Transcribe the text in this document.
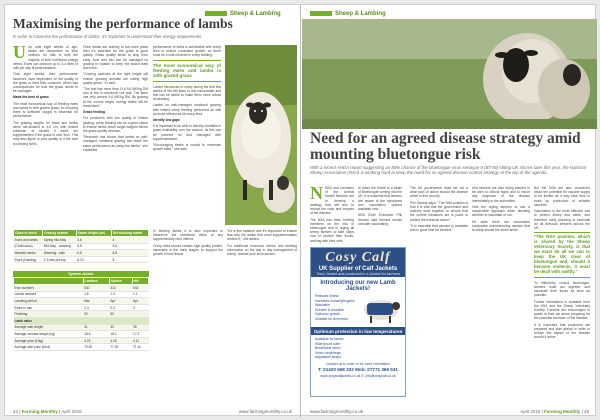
Sheep & Lambing
Maximising the performance of lambs
In order to maximise the performance of lambs, it's important to understand their energy requirements.

U Up until eight weeks of age, lambs are dependent on their mothers for milk to fulfil the majority of their nutritional energy needs. Ewes can produce up to 3-4 litres of milk per day at peak lactation.

That eight weeks, their performance becomes more dependent on the quality of the grass or feed they consume, which has consequences for how the grass needs to be managed.

Made the best of grass

The most economical way of feeding ewes and lambs is with grazed grass, so ensuring there is sufficient supply is essential for performance.

The grazing targets for ewes and lambs when set-stocked is 4-6 cm, with limited evidence of benefit if ewes are supplemented if the grass is over 5cm. This may also figure in poor quality or if the ewe is carrying twins.

Once lambs are starting to eat more grass then it's essential for the grass is good quality. Grass quality tends to drop from early June and this can be managed by grazing in rotation to keep the sward leafy and fresh.

"Grazing pastures at the right height will ensure growing animals are eating high quality grass," Dr said.

"The leaf has more than 11.6 MJ ME/kg DM and is low in structural cell wall. The stem has only around 9.6 ME/kg DM. By grazing at the correct height, energy intake will be maximised."

Grass feeding

For producers with low quality or limited grazing, creep feeding can be a good option to ensure lambs reach target weights before the grass quality declines.

"Research has shown that lambs on well-managed, rotational grazing can reach the same performance as creep-fed lambs," she explained.

performance of twins is achievable with creep feed to ensure consistent growth, so there must be a cost involved in creep feeding.

The most economical way of feeding ewes and lambs is with grazed grass

Lambs introduced to creep during the first few weeks of life will learn to eat concentrate and this can be useful to make them more robust at weaning.

Lambs on well-managed rotational grazing with limited creep feeding performed as well as those offered ad-lib creep feed.

Identify low gaps

It is important to be able to identify shortfalls in grass availability over the season, as this can be planned for and managed with supplementation.

"Encouraging intake is crucial to maximise growth rates," she said.

Class of stock	Grazing system	Sward height (cm)	Set stocking sward
Ewes and lambs	Spring mid-May	4-6	4
(Continuous)	Mid-May - weaning	6-8	5-6
Weaned lambs	Weaning - sale	6-8	6-8
Ewes (flushing)	2-3 wks pre-tup	8-10	8
System details
	Lowland	Upland	Hill
Ewe numbers	530	310	540
Lambs weaned	1.6	1.4	1.1
Lambing period	Mar	Apr	Apr
Ewes to ram	2-4	2-3	3
Finishing	90	80	
Lamb sales			
Average sale weight	41	40	38
Average carcase weight (kg)	18.8	18.4	17.3
Average price (£/kg)	4.23	4.18	4.11
Average sale price (£/hd)	79.50	77.00	71.10

In feeding lambs it is also important to determine the nutritional value of any supplementary feed offered.

Creep diets should contain high quality protein, especially in the early stages, to support the growth of lean tissue.

"It's a fine balance and it's important to ensure that only the lambs that need supplementation receive it," she added.

For additional economic advice and lambing information on the day to day management of sheep, contact your local adviser.

44 | Farming Monthly | April 2016	www.farmingmonthly.co.uk
Sheep & Lambing
Need for an agreed disease strategy amid mounting bluetongue risk
With a recent AHDA report suggesting an 80% chance of the bluetongue virus serotype 8 (BTV8) hitting UK shores later this year, the National Sheep Association (NSA) is working hard to keep the need for an agreed disease control strategy at the top of the agenda.

NNSA and members of the Animal Health Network are to develop a strategy that will aim to reduce the risks and impacts of the disease.

The NSA has been briefing members on the risk of bluetongue and is urging all sheep farmers to take steps now to protect their flocks, working with their vets.

to down the threat to a strain of Bluetongue coming into the UK, it is essential that farmers are aware of the symptoms and vaccination options available now.

NSA Chief Executive Phil Stocker said farmers should consider vaccinating.

Cosy Calf
UK Supplier of Calf Jackets
Tried, tested and produced in a Jacket for farmers
Introducing our new Lamb Jackets!
Reduces illness
Increases liveweight gains
Washable
Durable & reusable
Optimum growth
Suitable for all breeds
Optimum protection in low temperatures
Available for lambs
Waterproof outer
Breathable fabric
Velcro fastenings
Adjustable straps
Contact us to order or for more information
T: 01420 568 332 Mob: 07771 366 531
www.cosycalfjackets.co.uk E: info@cosycalf.co.uk

The UK government must set out a clear plan of action should the disease arrive in this country.

Phil Stocker says: "The NSA position is that it is vital that the government and industry work together to ensure that the correct measures are in place to protect the livestock sector."

"It is essential that vaccine is available and in good time for farmers."

And farmers are also being warned to be alert to clinical signs and to report any suspicion of the disease immediately to the authorities.

Vets are urging farmers to use a responsible approach when deciding whether to vaccinate or not.

He adds there are vaccination companies manufacturing vaccine that is ready should the strain arrive.

But the NSA are also concerned about the potential for vaccine supply to be limited as it may take time to scale up production of suitable vaccines.

Vaccination is the most effective tool to protect sheep and cattle, and therefore early planning is essential for all livestock keepers across the UK.

"The NSA position, which is shared by the Sheep Veterinary Society, is that we must do all we can to keep the UK clear of bluetongue and, should it become endemic, it must be dealt with swiftly."

To effectively control bluetongue, farmers must act together and vaccinate their flocks as soon as possible.

Further information is available from the NSA and the Sheep Veterinary Society. Farmers are encouraged to speak to their vet about preparing for the potential incursion of the disease.

It is important that producers are prepared and plan ahead in order to reduce the impact of the disease should it arrive.

www.farmingmonthly.co.uk	April 2016 | Farming Monthly | 45
